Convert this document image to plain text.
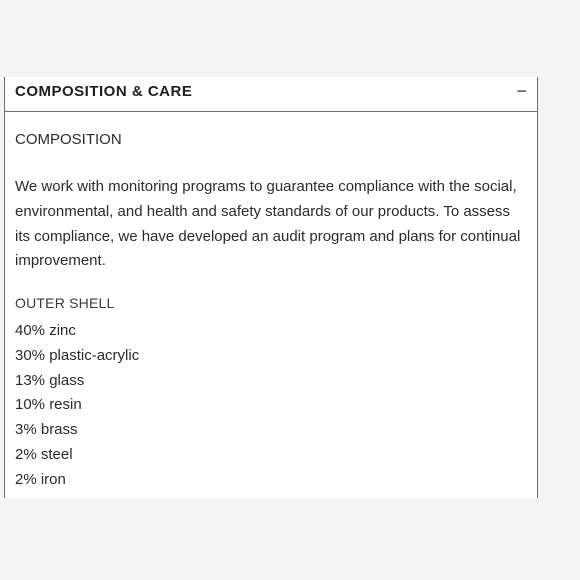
COMPOSITION & CARE	−
COMPOSITION
We work with monitoring programs to guarantee compliance with the social, environmental, and health and safety standards of our products. To assess its compliance, we have developed an audit program and plans for continual improvement.
OUTER SHELL
40% zinc
30% plastic-acrylic
13% glass
10% resin
3% brass
2% steel
2% iron
